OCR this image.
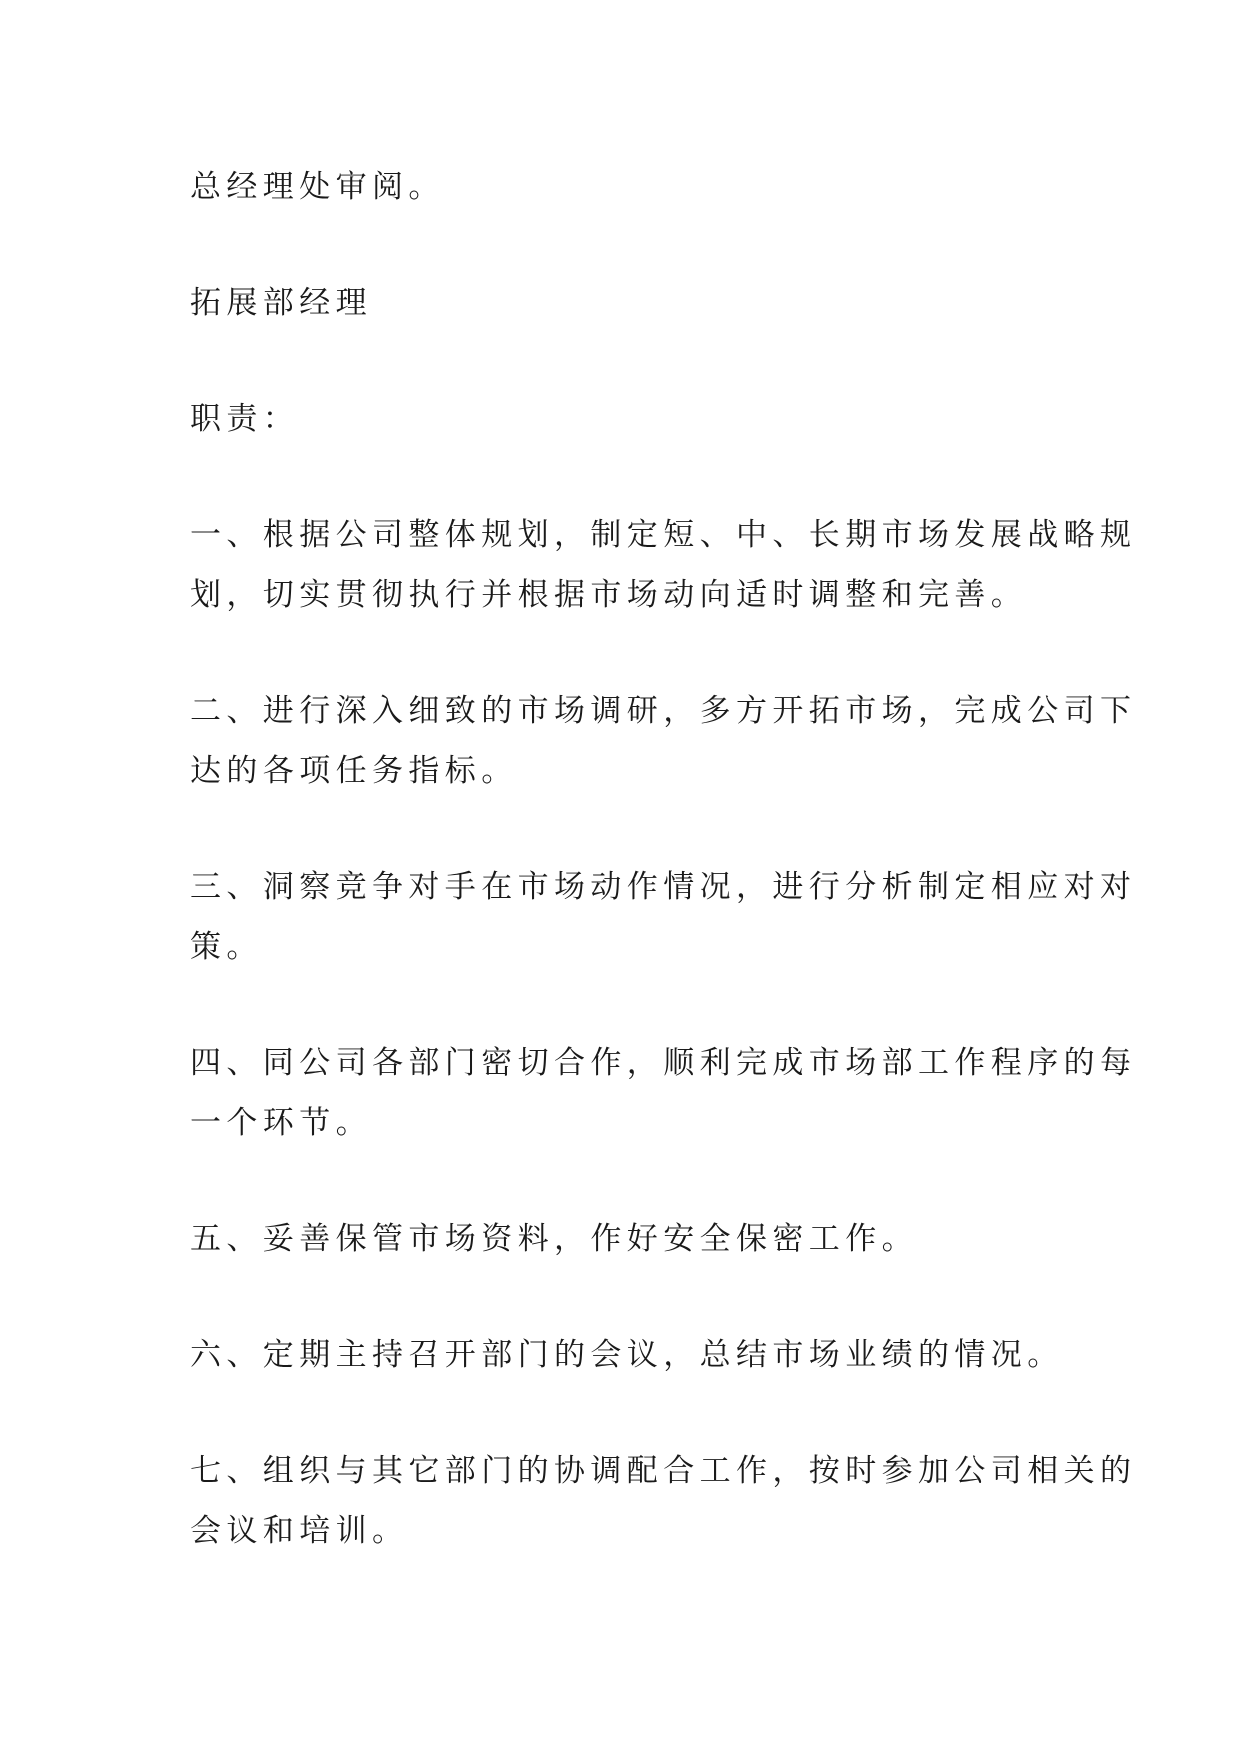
总经理处审阅。
拓展部经理
职责：
一、根据公司整体规划，制定短、中、长期市场发展战略规
划，切实贯彻执行并根据市场动向适时调整和完善。
二、进行深入细致的市场调研，多方开拓市场，完成公司下
达的各项任务指标。
三、洞察竞争对手在市场动作情况，进行分析制定相应对对
策。
四、同公司各部门密切合作，顺利完成市场部工作程序的每
一个环节。
五、妥善保管市场资料，作好安全保密工作。
六、定期主持召开部门的会议，总结市场业绩的情况。
七、组织与其它部门的协调配合工作，按时参加公司相关的
会议和培训。
